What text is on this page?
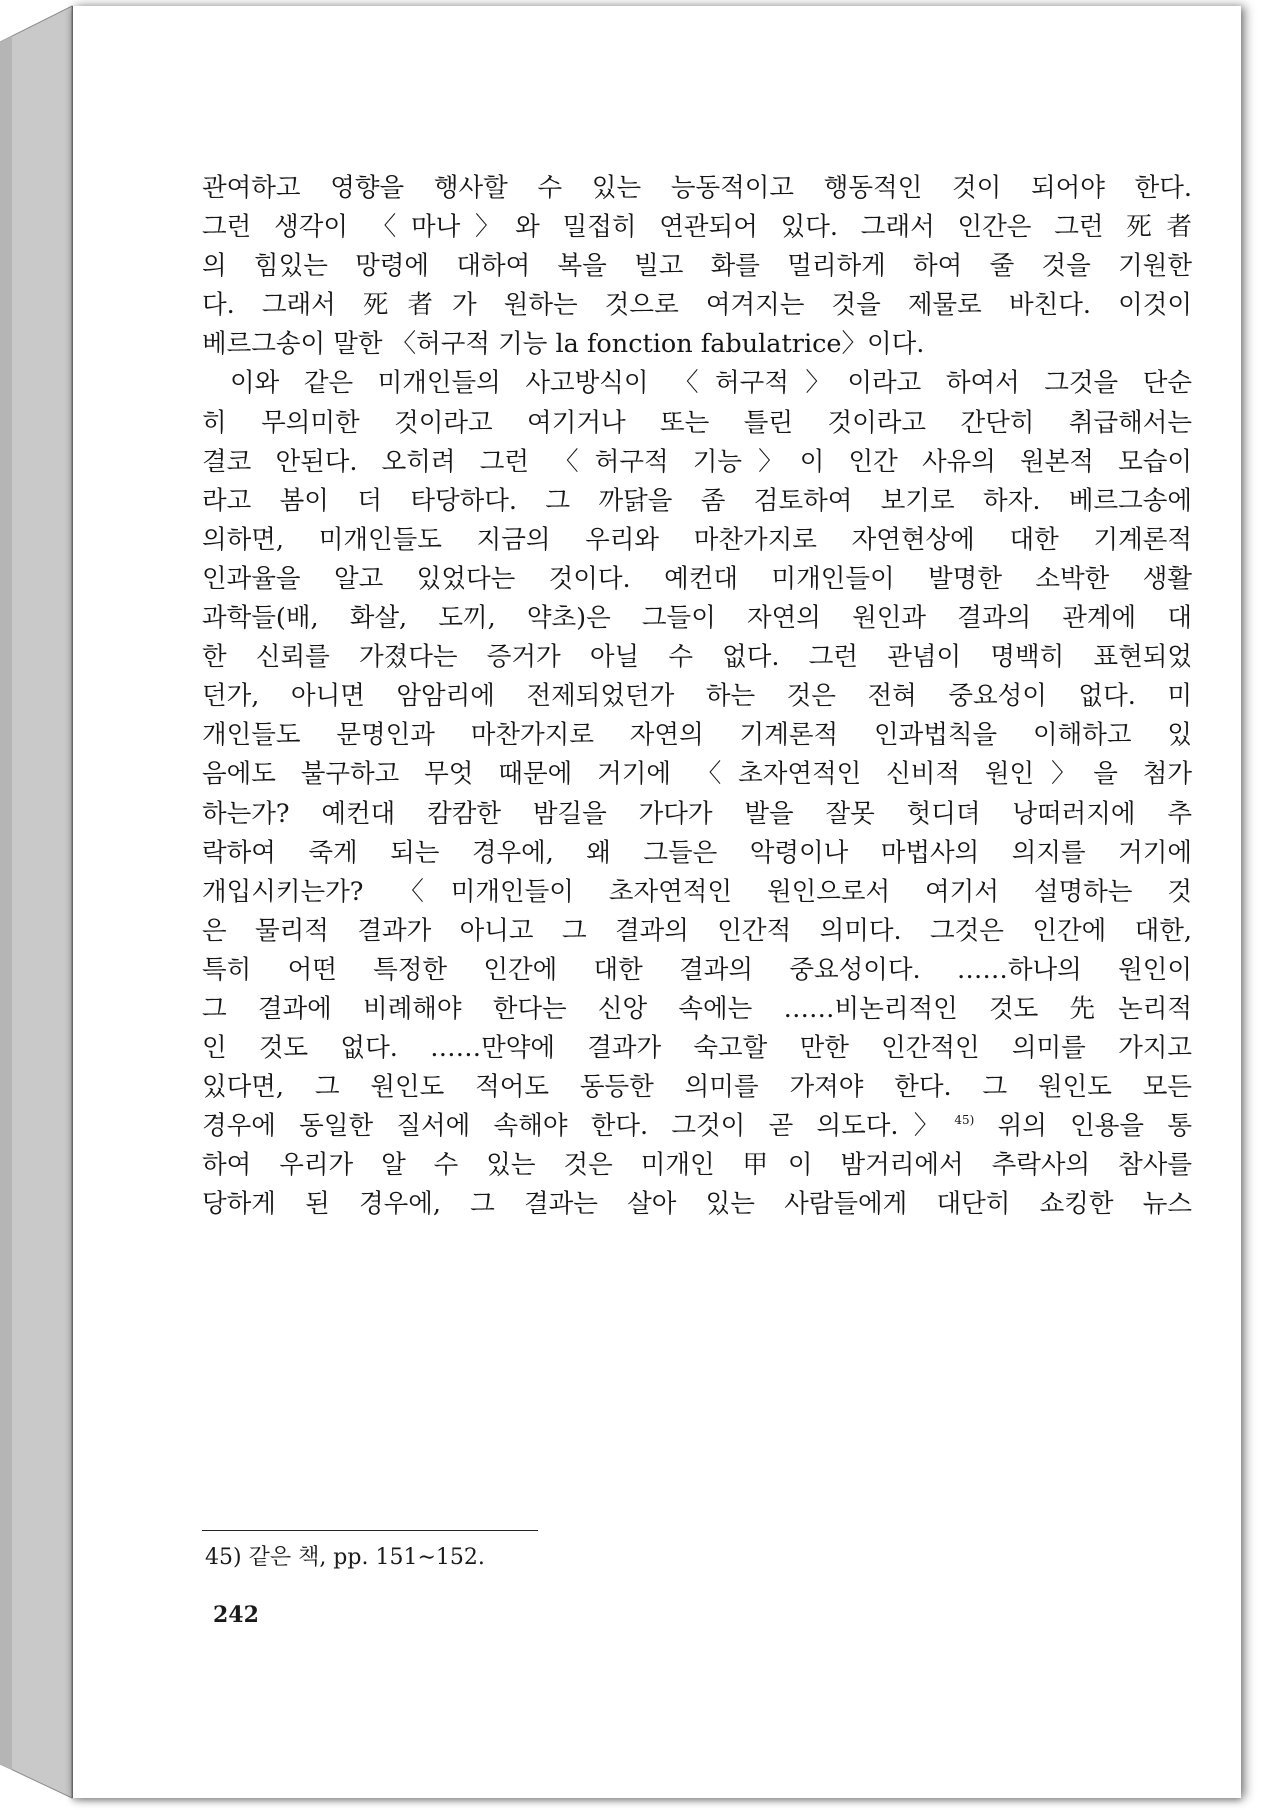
관여하고 영향을 행사할 수 있는 능동적이고 행동적인 것이 되어야 한다.
그런 생각이 〈마나〉와 밀접히 연관되어 있다. 그래서 인간은 그런 死者
의 힘있는 망령에 대하여 복을 빌고 화를 멀리하게 하여 줄 것을 기원한
다. 그래서 死者가 원하는 것으로 여겨지는 것을 제물로 바친다. 이것이
베르그송이 말한 〈허구적 기능 la fonction fabulatrice〉이다.
이와 같은 미개인들의 사고방식이 〈허구적〉이라고 하여서 그것을 단순
히 무의미한 것이라고 여기거나 또는 틀린 것이라고 간단히 취급해서는
결코 안된다. 오히려 그런 〈허구적 기능〉이 인간 사유의 원본적 모습이
라고 봄이 더 타당하다. 그 까닭을 좀 검토하여 보기로 하자. 베르그송에
의하면, 미개인들도 지금의 우리와 마찬가지로 자연현상에 대한 기계론적
인과율을 알고 있었다는 것이다. 예컨대 미개인들이 발명한 소박한 생활
과학들(배, 화살, 도끼, 약초)은 그들이 자연의 원인과 결과의 관계에 대
한 신뢰를 가졌다는 증거가 아닐 수 없다. 그런 관념이 명백히 표현되었
던가, 아니면 암암리에 전제되었던가 하는 것은 전혀 중요성이 없다. 미
개인들도 문명인과 마찬가지로 자연의 기계론적 인과법칙을 이해하고 있
음에도 불구하고 무엇 때문에 거기에 〈초자연적인 신비적 원인〉을 첨가
하는가? 예컨대 캄캄한 밤길을 가다가 발을 잘못 헛디뎌 낭떠러지에 추
락하여 죽게 되는 경우에, 왜 그들은 악령이나 마법사의 의지를 거기에
개입시키는가? 〈미개인들이 초자연적인 원인으로서 여기서 설명하는 것
은 물리적 결과가 아니고 그 결과의 인간적 의미다. 그것은 인간에 대한,
특히 어떤 특정한 인간에 대한 결과의 중요성이다. ……하나의 원인이
그 결과에 비례해야 한다는 신앙 속에는 ……비논리적인 것도 先논리적
인 것도 없다. ……만약에 결과가 숙고할 만한 인간적인 의미를 가지고
있다면, 그 원인도 적어도 동등한 의미를 가져야 한다. 그 원인도 모든
경우에 동일한 질서에 속해야 한다. 그것이 곧 의도다.〉$^{45)}$ 위의 인용을 통
하여 우리가 알 수 있는 것은 미개인 甲이 밤거리에서 추락사의 참사를
당하게 된 경우에, 그 결과는 살아 있는 사람들에게 대단히 쇼킹한 뉴스
45) 같은 책, pp. 151∼152.
242
